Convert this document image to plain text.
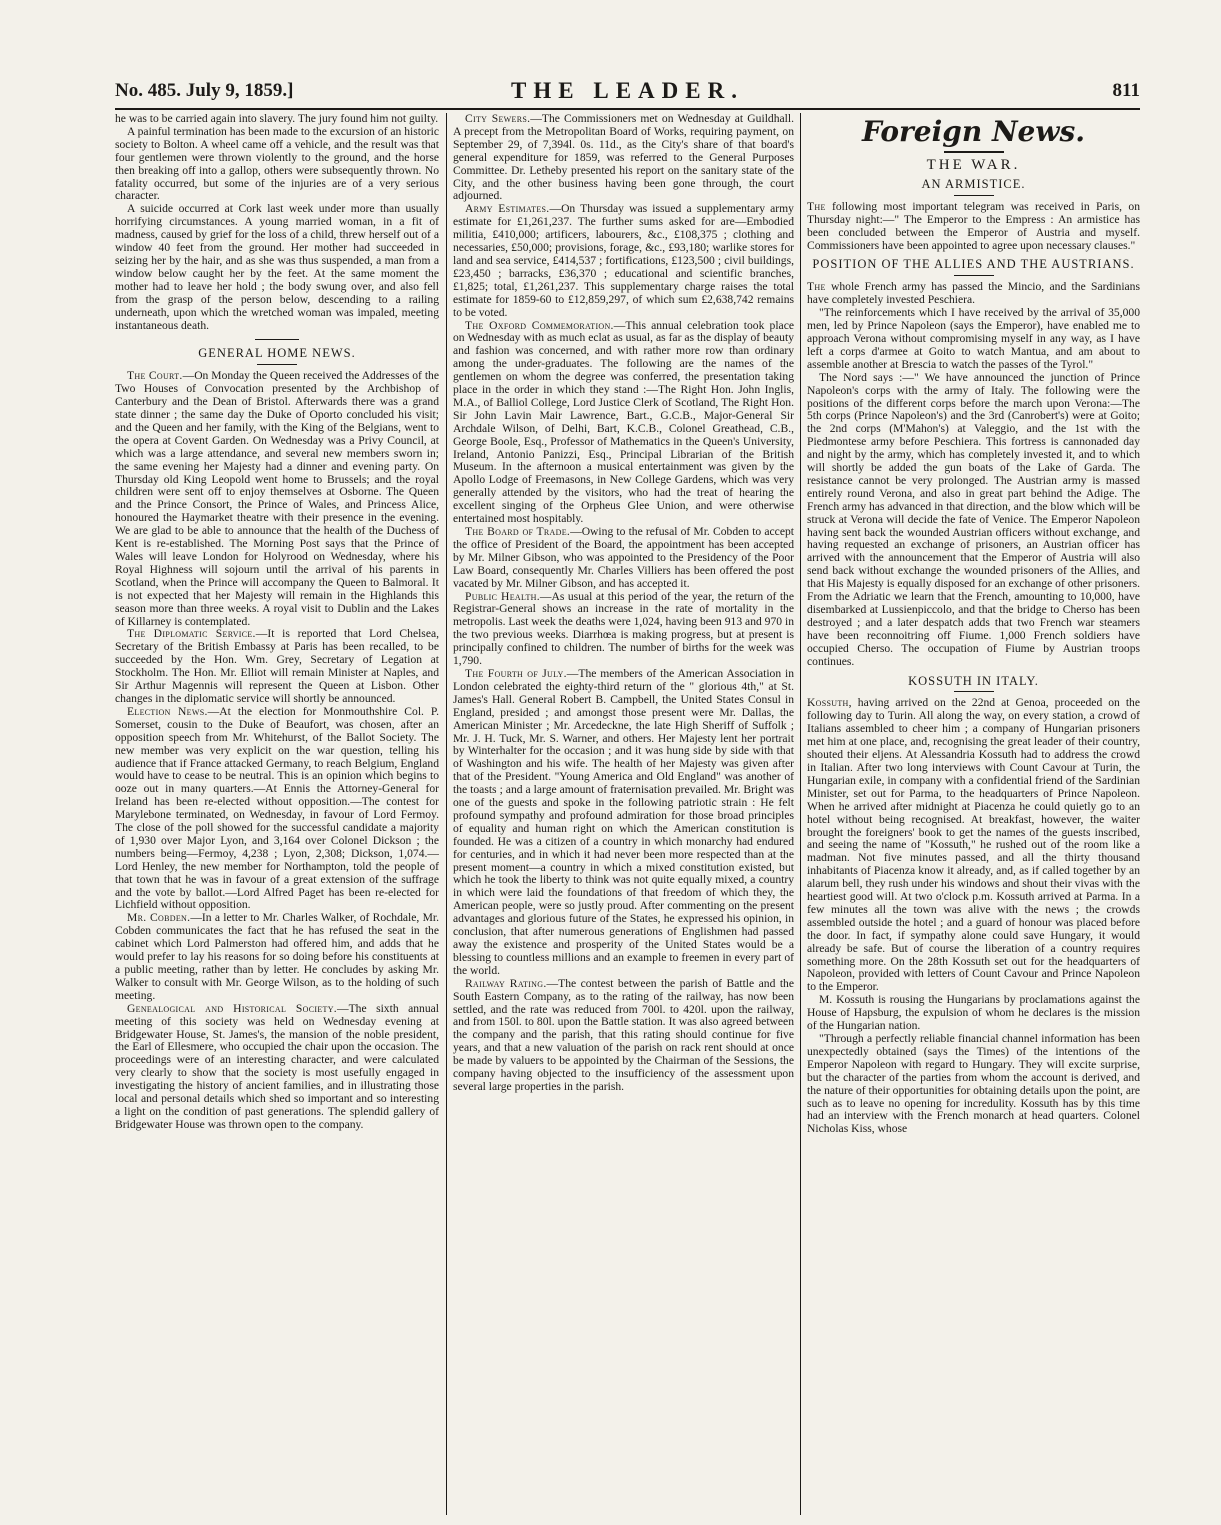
No. 485. July 9, 1859.]	THE LEADER.	811

he was to be carried again into slavery. The jury found him not guilty.

A painful termination has been made to the excursion of an historic society to Bolton. A wheel came off a vehicle, and the result was that four gentlemen were thrown violently to the ground, and the horse then breaking off into a gallop, others were subsequently thrown. No fatality occurred, but some of the injuries are of a very serious character.

A suicide occurred at Cork last week under more than usually horrifying circumstances. A young married woman, in a fit of madness, caused by grief for the loss of a child, threw herself out of a window 40 feet from the ground. Her mother had succeeded in seizing her by the hair, and as she was thus suspended, a man from a window below caught her by the feet. At the same moment the mother had to leave her hold ; the body swung over, and also fell from the grasp of the person below, descending to a railing underneath, upon which the wretched woman was impaled, meeting instantaneous death.

GENERAL HOME NEWS.

The Court.—On Monday the Queen received the Addresses of the Two Houses of Convocation presented by the Archbishop of Canterbury and the Dean of Bristol. Afterwards there was a grand state dinner ; the same day the Duke of Oporto concluded his visit; and the Queen and her family, with the King of the Belgians, went to the opera at Covent Garden. On Wednesday was a Privy Council, at which was a large attendance, and several new members sworn in; the same evening her Majesty had a dinner and evening party. On Thursday old King Leopold went home to Brussels; and the royal children were sent off to enjoy themselves at Osborne. The Queen and the Prince Consort, the Prince of Wales, and Princess Alice, honoured the Haymarket theatre with their presence in the evening. We are glad to be able to announce that the health of the Duchess of Kent is re-established. The Morning Post says that the Prince of Wales will leave London for Holyrood on Wednesday, where his Royal Highness will sojourn until the arrival of his parents in Scotland, when the Prince will accompany the Queen to Balmoral. It is not expected that her Majesty will remain in the Highlands this season more than three weeks. A royal visit to Dublin and the Lakes of Killarney is contemplated.

The Diplomatic Service.—It is reported that Lord Chelsea, Secretary of the British Embassy at Paris has been recalled, to be succeeded by the Hon. Wm. Grey, Secretary of Legation at Stockholm. The Hon. Mr. Elliot will remain Minister at Naples, and Sir Arthur Magennis will represent the Queen at Lisbon. Other changes in the diplomatic service will shortly be announced.

Election News.—At the election for Monmouthshire Col. P. Somerset, cousin to the Duke of Beaufort, was chosen, after an opposition speech from Mr. Whitehurst, of the Ballot Society. The new member was very explicit on the war question, telling his audience that if France attacked Germany, to reach Belgium, England would have to cease to be neutral. This is an opinion which begins to ooze out in many quarters.—At Ennis the Attorney-General for Ireland has been re-elected without opposition.—The contest for Marylebone terminated, on Wednesday, in favour of Lord Fermoy. The close of the poll showed for the successful candidate a majority of 1,930 over Major Lyon, and 3,164 over Colonel Dickson ; the numbers being—Fermoy, 4,238 ; Lyon, 2,308; Dickson, 1,074.—Lord Henley, the new member for Northampton, told the people of that town that he was in favour of a great extension of the suffrage and the vote by ballot.—Lord Alfred Paget has been re-elected for Lichfield without opposition.

Mr. Cobden.—In a letter to Mr. Charles Walker, of Rochdale, Mr. Cobden communicates the fact that he has refused the seat in the cabinet which Lord Palmerston had offered him, and adds that he would prefer to lay his reasons for so doing before his constituents at a public meeting, rather than by letter. He concludes by asking Mr. Walker to consult with Mr. George Wilson, as to the holding of such meeting.

Genealogical and Historical Society.—The sixth annual meeting of this society was held on Wednesday evening at Bridgewater House, St. James's, the mansion of the noble president, the Earl of Ellesmere, who occupied the chair upon the occasion. The proceedings were of an interesting character, and were calculated very clearly to show that the society is most usefully engaged in investigating the history of ancient families, and in illustrating those local and personal details which shed so important and so interesting a light on the condition of past generations. The splendid gallery of Bridgewater House was thrown open to the company.

City Sewers.—The Commissioners met on Wednesday at Guildhall. A precept from the Metropolitan Board of Works, requiring payment, on September 29, of 7,394l. 0s. 11d., as the City's share of that board's general expenditure for 1859, was referred to the General Purposes Committee. Dr. Letheby presented his report on the sanitary state of the City, and the other business having been gone through, the court adjourned.

Army Estimates.—On Thursday was issued a supplementary army estimate for £1,261,237. The further sums asked for are—Embodied militia, £410,000; artificers, labourers, &c., £108,375 ; clothing and necessaries, £50,000; provisions, forage, &c., £93,180; warlike stores for land and sea service, £414,537 ; fortifications, £123,500 ; civil buildings, £23,450 ; barracks, £36,370 ; educational and scientific branches, £1,825; total, £1,261,237. This supplementary charge raises the total estimate for 1859-60 to £12,859,297, of which sum £2,638,742 remains to be voted.

The Oxford Commemoration.—This annual celebration took place on Wednesday with as much eclat as usual, as far as the display of beauty and fashion was concerned, and with rather more row than ordinary among the under-graduates. The following are the names of the gentlemen on whom the degree was conferred, the presentation taking place in the order in which they stand :—The Right Hon. John Inglis, M.A., of Balliol College, Lord Justice Clerk of Scotland, The Right Hon. Sir John Lavin Mair Lawrence, Bart., G.C.B., Major-General Sir Archdale Wilson, of Delhi, Bart, K.C.B., Colonel Greathead, C.B., George Boole, Esq., Professor of Mathematics in the Queen's University, Ireland, Antonio Panizzi, Esq., Principal Librarian of the British Museum. In the afternoon a musical entertainment was given by the Apollo Lodge of Freemasons, in New College Gardens, which was very generally attended by the visitors, who had the treat of hearing the excellent singing of the Orpheus Glee Union, and were otherwise entertained most hospitably.

The Board of Trade.—Owing to the refusal of Mr. Cobden to accept the office of President of the Board, the appointment has been accepted by Mr. Milner Gibson, who was appointed to the Presidency of the Poor Law Board, consequently Mr. Charles Villiers has been offered the post vacated by Mr. Milner Gibson, and has accepted it.

Public Health.—As usual at this period of the year, the return of the Registrar-General shows an increase in the rate of mortality in the metropolis. Last week the deaths were 1,024, having been 913 and 970 in the two previous weeks. Diarrhœa is making progress, but at present is principally confined to children. The number of births for the week was 1,790.

The Fourth of July.—The members of the American Association in London celebrated the eighty-third return of the " glorious 4th," at St. James's Hall. General Robert B. Campbell, the United States Consul in England, presided ; and amongst those present were Mr. Dallas, the American Minister ; Mr. Arcedeckne, the late High Sheriff of Suffolk ; Mr. J. H. Tuck, Mr. S. Warner, and others. Her Majesty lent her portrait by Winterhalter for the occasion ; and it was hung side by side with that of Washington and his wife. The health of her Majesty was given after that of the President. "Young America and Old England" was another of the toasts ; and a large amount of fraternisation prevailed. Mr. Bright was one of the guests and spoke in the following patriotic strain : He felt profound sympathy and profound admiration for those broad principles of equality and human right on which the American constitution is founded. He was a citizen of a country in which monarchy had endured for centuries, and in which it had never been more respected than at the present moment—a country in which a mixed constitution existed, but which he took the liberty to think was not quite equally mixed, a country in which were laid the foundations of that freedom of which they, the American people, were so justly proud. After commenting on the present advantages and glorious future of the States, he expressed his opinion, in conclusion, that after numerous generations of Englishmen had passed away the existence and prosperity of the United States would be a blessing to countless millions and an example to freemen in every part of the world.

Railway Rating.—The contest between the parish of Battle and the South Eastern Company, as to the rating of the railway, has now been settled, and the rate was reduced from 700l. to 420l. upon the railway, and from 150l. to 80l. upon the Battle station. It was also agreed between the company and the parish, that this rating should continue for five years, and that a new valuation of the parish on rack rent should at once be made by valuers to be appointed by the Chairman of the Sessions, the company having objected to the insufficiency of the assessment upon several large properties in the parish.

Foreign News.
THE WAR.

AN ARMISTICE.

The following most important telegram was received in Paris, on Thursday night:—" The Emperor to the Empress : An armistice has been concluded between the Emperor of Austria and myself. Commissioners have been appointed to agree upon necessary clauses."

POSITION OF THE ALLIES AND THE AUSTRIANS.

The whole French army has passed the Mincio, and the Sardinians have completely invested Peschiera.

"The reinforcements which I have received by the arrival of 35,000 men, led by Prince Napoleon (says the Emperor), have enabled me to approach Verona without compromising myself in any way, as I have left a corps d'armee at Goito to watch Mantua, and am about to assemble another at Brescia to watch the passes of the Tyrol."

The Nord says :—" We have announced the junction of Prince Napoleon's corps with the army of Italy. The following were the positions of the different corps before the march upon Verona:—The 5th corps (Prince Napoleon's) and the 3rd (Canrobert's) were at Goito; the 2nd corps (M'Mahon's) at Valeggio, and the 1st with the Piedmontese army before Peschiera. This fortress is cannonaded day and night by the army, which has completely invested it, and to which will shortly be added the gun boats of the Lake of Garda. The resistance cannot be very prolonged. The Austrian army is massed entirely round Verona, and also in great part behind the Adige. The French army has advanced in that direction, and the blow which will be struck at Verona will decide the fate of Venice. The Emperor Napoleon having sent back the wounded Austrian officers without exchange, and having requested an exchange of prisoners, an Austrian officer has arrived with the announcement that the Emperor of Austria will also send back without exchange the wounded prisoners of the Allies, and that His Majesty is equally disposed for an exchange of other prisoners. From the Adriatic we learn that the French, amounting to 10,000, have disembarked at Lussienpiccolo, and that the bridge to Cherso has been destroyed ; and a later despatch adds that two French war steamers have been reconnoitring off Fiume. 1,000 French soldiers have occupied Cherso. The occupation of Fiume by Austrian troops continues.

KOSSUTH IN ITALY.

Kossuth, having arrived on the 22nd at Genoa, proceeded on the following day to Turin. All along the way, on every station, a crowd of Italians assembled to cheer him ; a company of Hungarian prisoners met him at one place, and, recognising the great leader of their country, shouted their eljens. At Alessandria Kossuth had to address the crowd in Italian. After two long interviews with Count Cavour at Turin, the Hungarian exile, in company with a confidential friend of the Sardinian Minister, set out for Parma, to the headquarters of Prince Napoleon. When he arrived after midnight at Piacenza he could quietly go to an hotel without being recognised. At breakfast, however, the waiter brought the foreigners' book to get the names of the guests inscribed, and seeing the name of "Kossuth," he rushed out of the room like a madman. Not five minutes passed, and all the thirty thousand inhabitants of Piacenza know it already, and, as if called together by an alarum bell, they rush under his windows and shout their vivas with the heartiest good will. At two o'clock p.m. Kossuth arrived at Parma. In a few minutes all the town was alive with the news ; the crowds assembled outside the hotel ; and a guard of honour was placed before the door. In fact, if sympathy alone could save Hungary, it would already be safe. But of course the liberation of a country requires something more. On the 28th Kossuth set out for the headquarters of Napoleon, provided with letters of Count Cavour and Prince Napoleon to the Emperor.

M. Kossuth is rousing the Hungarians by proclamations against the House of Hapsburg, the expulsion of whom he declares is the mission of the Hungarian nation.

"Through a perfectly reliable financial channel information has been unexpectedly obtained (says the Times) of the intentions of the Emperor Napoleon with regard to Hungary. They will excite surprise, but the character of the parties from whom the account is derived, and the nature of their opportunities for obtaining details upon the point, are such as to leave no opening for incredulity. Kossuth has by this time had an interview with the French monarch at head quarters. Colonel Nicholas Kiss, whose
